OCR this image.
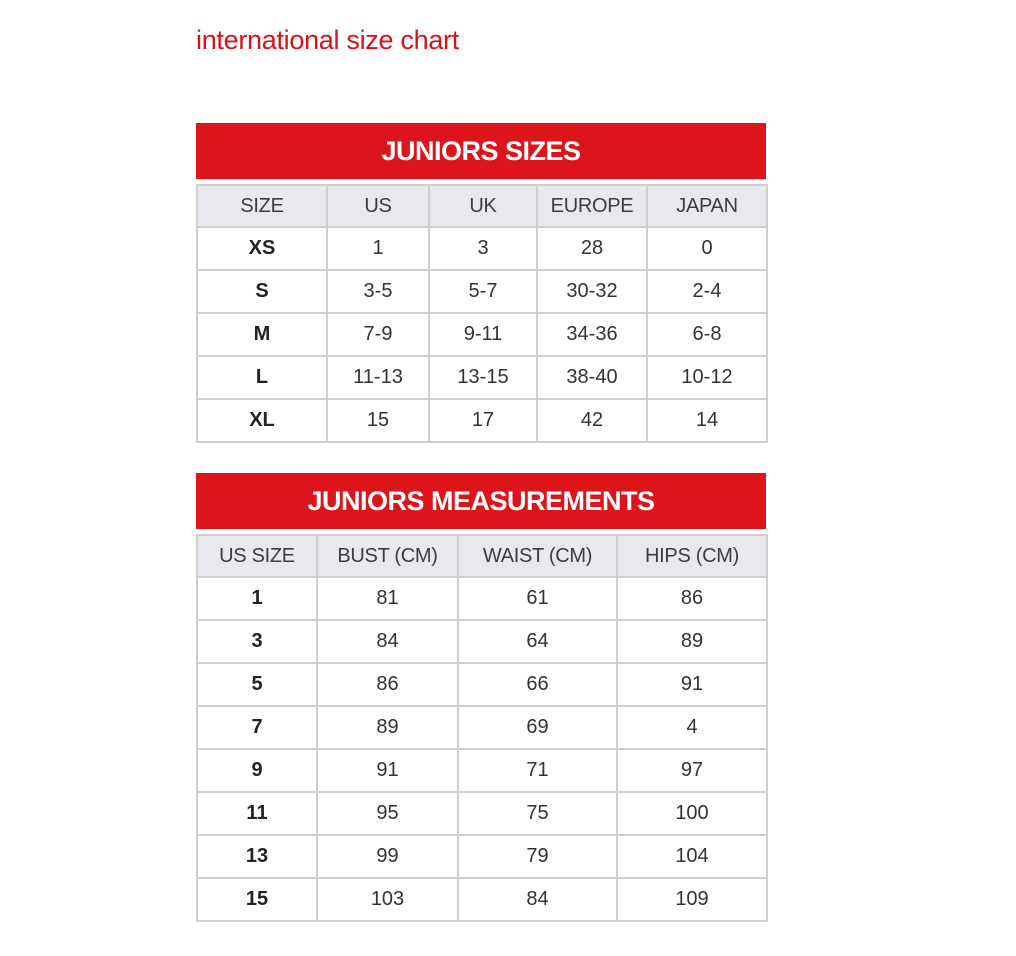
international size chart
JUNIORS SIZES
SIZE	US	UK	EUROPE	JAPAN
XS	1	3	28	0
S	3-5	5-7	30-32	2-4
M	7-9	9-11	34-36	6-8
L	11-13	13-15	38-40	10-12
XL	15	17	42	14
JUNIORS MEASUREMENTS
US SIZE	BUST (CM)	WAIST (CM)	HIPS (CM)
1	81	61	86
3	84	64	89
5	86	66	91
7	89	69	4
9	91	71	97
11	95	75	100
13	99	79	104
15	103	84	109
